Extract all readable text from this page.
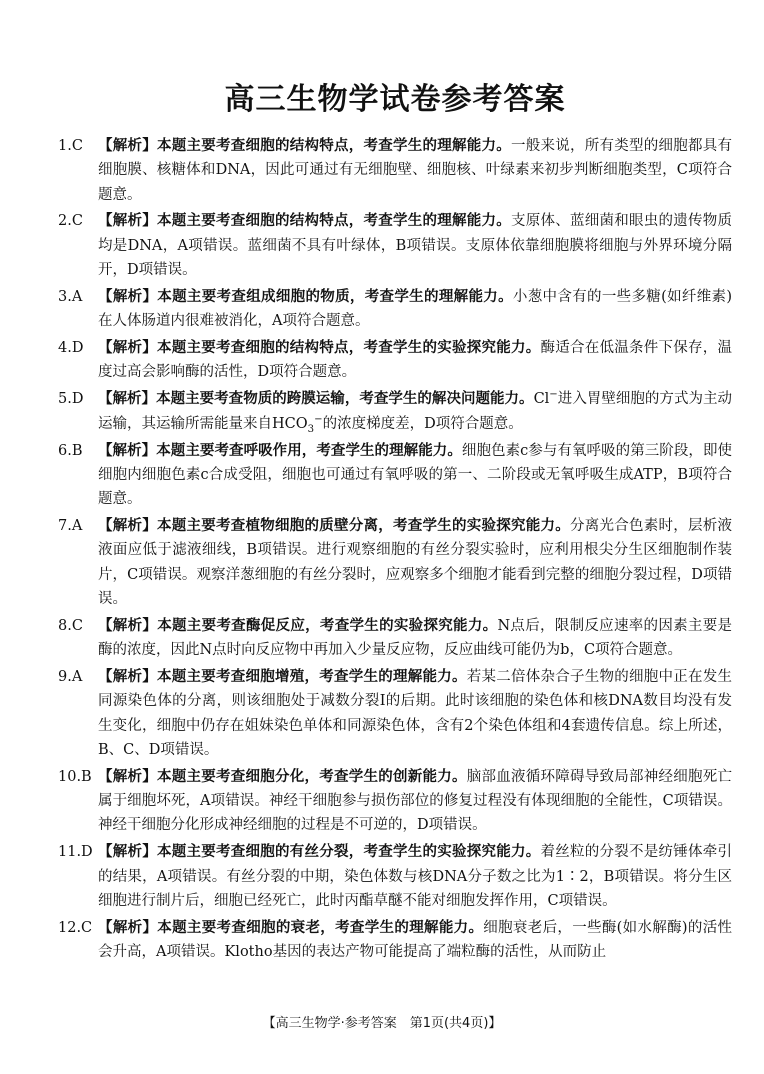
高三生物学试卷参考答案
1.C 【解析】本题主要考查细胞的结构特点，考查学生的理解能力。一般来说，所有类型的细胞都具有细胞膜、核糖体和DNA，因此可通过有无细胞壁、细胞核、叶绿素来初步判断细胞类型，C项符合题意。
2.C 【解析】本题主要考查细胞的结构特点，考查学生的理解能力。支原体、蓝细菌和眼虫的遗传物质均是DNA，A项错误。蓝细菌不具有叶绿体，B项错误。支原体依靠细胞膜将细胞与外界环境分隔开，D项错误。
3.A 【解析】本题主要考查组成细胞的物质，考查学生的理解能力。小葱中含有的一些多糖(如纤维素)在人体肠道内很难被消化，A项符合题意。
4.D 【解析】本题主要考查细胞的结构特点，考查学生的实验探究能力。酶适合在低温条件下保存，温度过高会影响酶的活性，D项符合题意。
5.D 【解析】本题主要考查物质的跨膜运输，考查学生的解决问题能力。Cl−进入胃壁细胞的方式为主动运输，其运输所需能量来自$HCO_3^-$的浓度梯度差，D项符合题意。
6.B 【解析】本题主要考查呼吸作用，考查学生的理解能力。细胞色素c参与有氧呼吸的第三阶段，即使细胞内细胞色素c合成受阻，细胞也可通过有氧呼吸的第一、二阶段或无氧呼吸生成ATP，B项符合题意。
7.A 【解析】本题主要考查植物细胞的质壁分离，考查学生的实验探究能力。分离光合色素时，层析液液面应低于滤液细线，B项错误。进行观察细胞的有丝分裂实验时，应利用根尖分生区细胞制作装片，C项错误。观察洋葱细胞的有丝分裂时，应观察多个细胞才能看到完整的细胞分裂过程，D项错误。
8.C 【解析】本题主要考查酶促反应，考查学生的实验探究能力。N点后，限制反应速率的因素主要是酶的浓度，因此N点时向反应物中再加入少量反应物，反应曲线可能仍为b，C项符合题意。
9.A 【解析】本题主要考查细胞增殖，考查学生的理解能力。若某二倍体杂合子生物的细胞中正在发生同源染色体的分离，则该细胞处于减数分裂Ⅰ的后期。此时该细胞的染色体和核DNA数目均没有发生变化，细胞中仍存在姐妹染色单体和同源染色体，含有2个染色体组和4套遗传信息。综上所述，B、C、D项错误。
10.B 【解析】本题主要考查细胞分化，考查学生的创新能力。脑部血液循环障碍导致局部神经细胞死亡属于细胞坏死，A项错误。神经干细胞参与损伤部位的修复过程没有体现细胞的全能性，C项错误。神经干细胞分化形成神经细胞的过程是不可逆的，D项错误。
11.D 【解析】本题主要考查细胞的有丝分裂，考查学生的实验探究能力。着丝粒的分裂不是纺锤体牵引的结果，A项错误。有丝分裂的中期，染色体数与核DNA分子数之比为1∶2，B项错误。将分生区细胞进行制片后，细胞已经死亡，此时丙酯草醚不能对细胞发挥作用，C项错误。
12.C 【解析】本题主要考查细胞的衰老，考查学生的理解能力。细胞衰老后，一些酶(如水解酶)的活性会升高，A项错误。Klotho基因的表达产物可能提高了端粒酶的活性，从而防止
【高三生物学·参考答案　第1页(共4页)】
